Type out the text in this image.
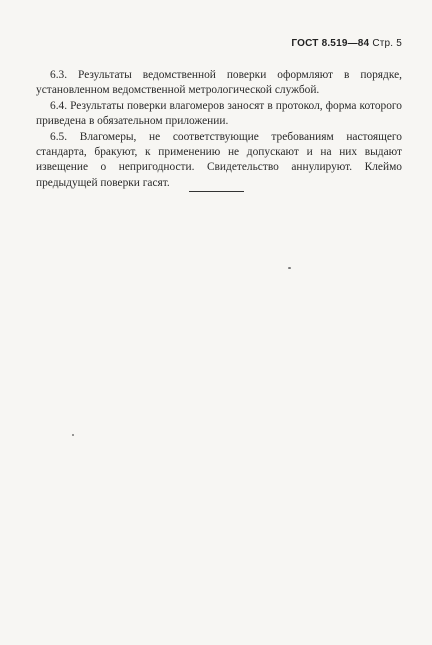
ГОСТ 8.519—84 Стр. 5

6.3. Результаты ведомственной поверки оформляют в порядке, установленном ведомственной метрологической службой.

6.4. Результаты поверки влагомеров заносят в протокол, форма которого приведена в обязательном приложении.

6.5. Влагомеры, не соответствующие требованиям настоящего стандарта, бракуют, к применению не допускают и на них выдают извещение о непригодности. Свидетельство аннулируют. Клеймо предыдущей поверки гасят.
